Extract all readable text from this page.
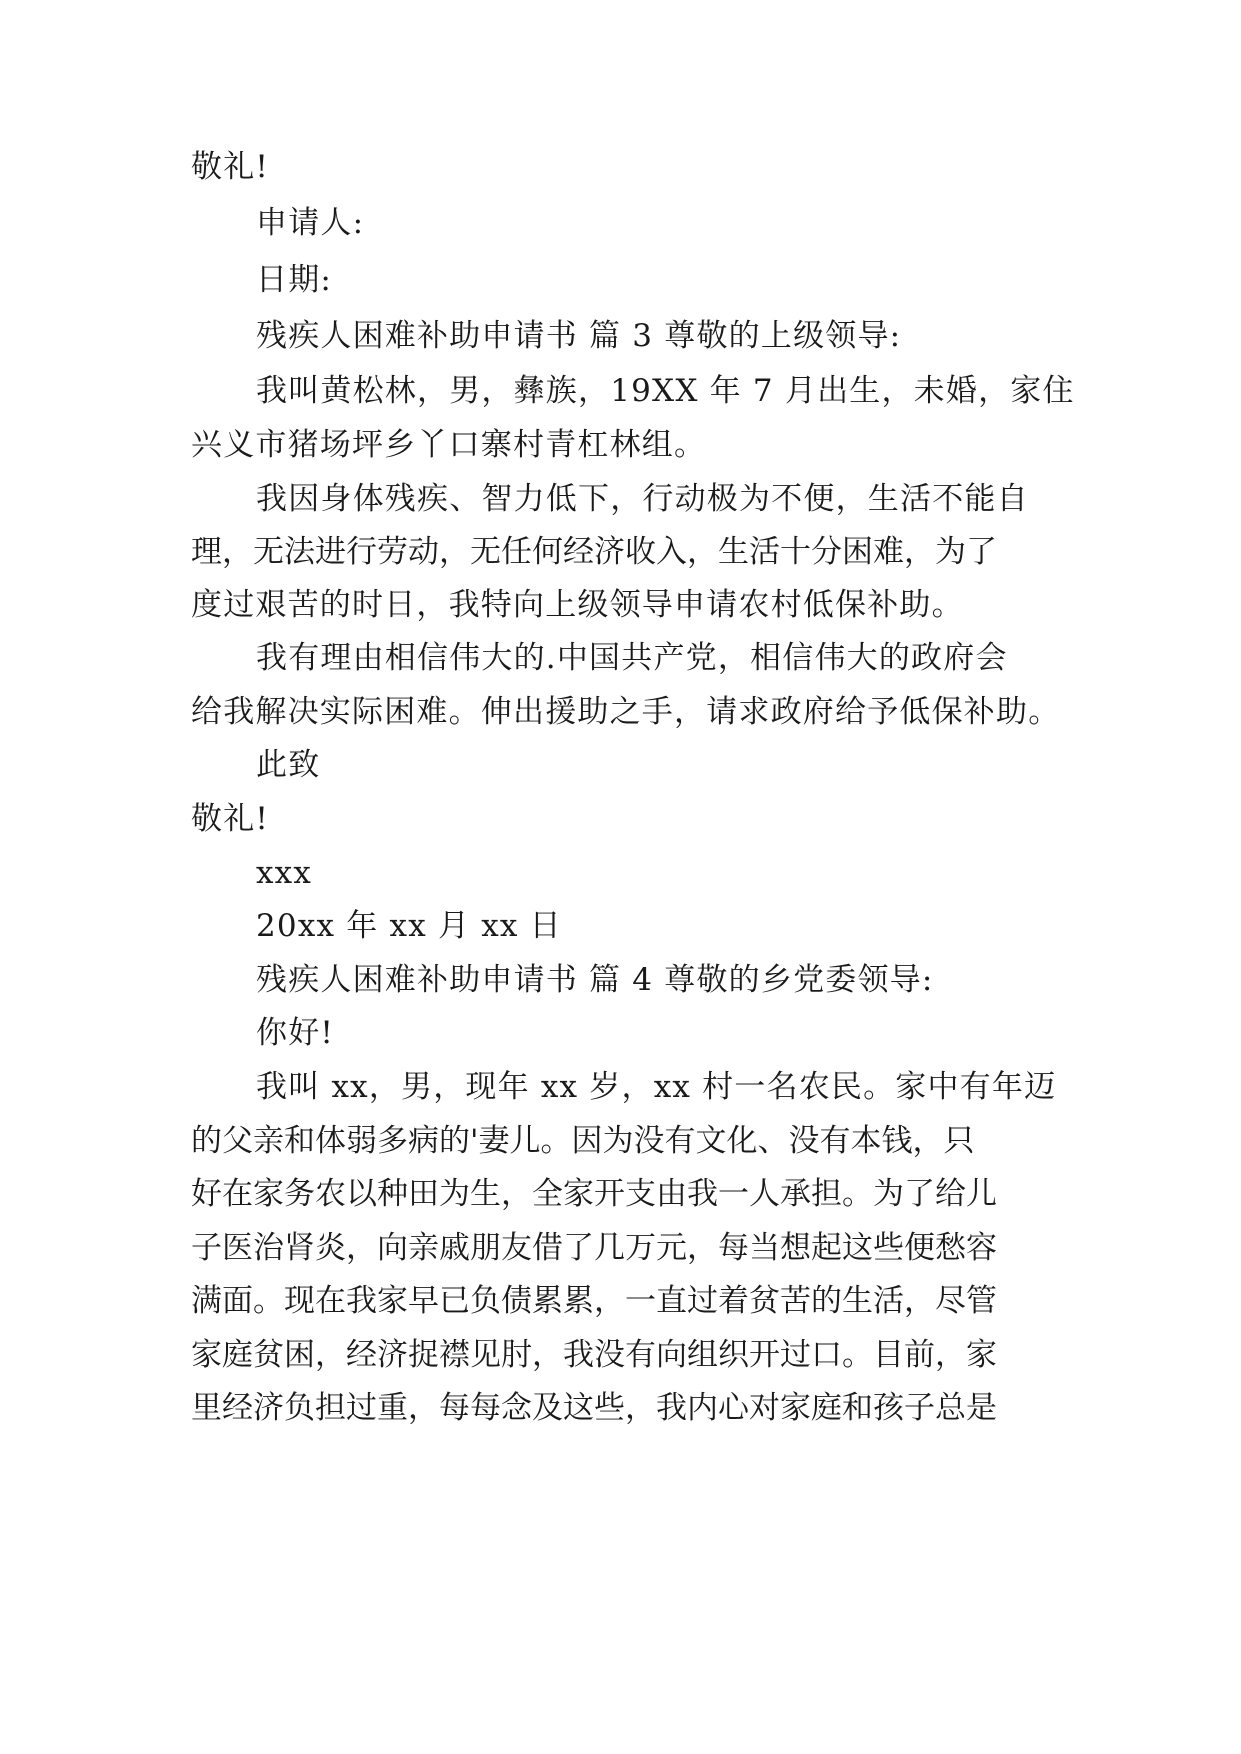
敬礼!
申请人:
日期:
残疾人困难补助申请书 篇 3 尊敬的上级领导:
我叫黄松林，男，彝族，19XX 年 7 月出生，未婚，家住
兴义市猪场坪乡丫口寨村青杠林组。
我因身体残疾、智力低下，行动极为不便，生活不能自
理，无法进行劳动，无任何经济收入，生活十分困难，为了
度过艰苦的时日，我特向上级领导申请农村低保补助。
我有理由相信伟大的.中国共产党，相信伟大的政府会
给我解决实际困难。伸出援助之手，请求政府给予低保补助。
此致
敬礼!
xxx
20xx 年 xx 月 xx 日
残疾人困难补助申请书 篇 4 尊敬的乡党委领导:
你好!
我叫 xx，男，现年 xx 岁，xx 村一名农民。家中有年迈
的父亲和体弱多病的'妻儿。因为没有文化、没有本钱，只
好在家务农以种田为生，全家开支由我一人承担。为了给儿
子医治肾炎，向亲戚朋友借了几万元，每当想起这些便愁容
满面。现在我家早已负债累累，一直过着贫苦的生活，尽管
家庭贫困，经济捉襟见肘，我没有向组织开过口。目前，家
里经济负担过重，每每念及这些，我内心对家庭和孩子总是
